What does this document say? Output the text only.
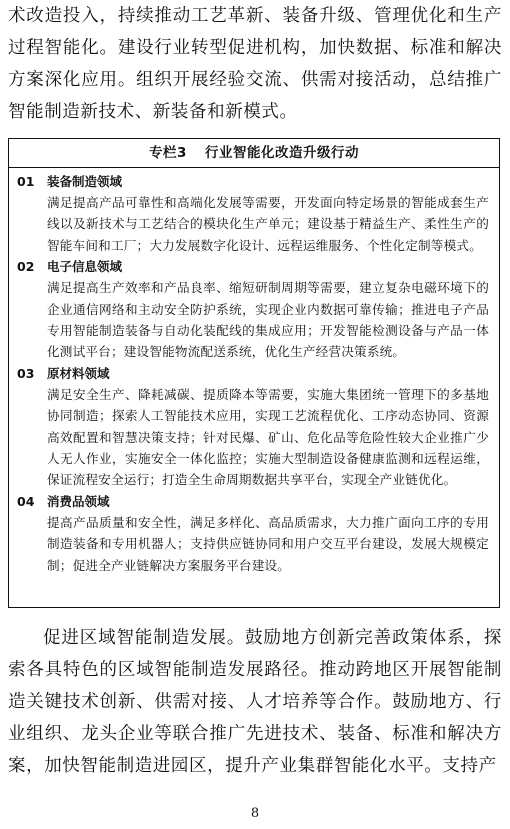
术改造投入，持续推动工艺革新、装备升级、管理优化和生产过程智能化。建设行业转型促进机构，加快数据、标准和解决方案深化应用。组织开展经验交流、供需对接活动，总结推广智能制造新技术、新装备和新模式。

专栏3 行业智能化改造升级行动
01 装备制造领域

满足提高产品可靠性和高端化发展等需要，开发面向特定场景的智能成套生产线以及新技术与工艺结合的模块化生产单元；建设基于精益生产、柔性生产的智能车间和工厂；大力发展数字化设计、远程运维服务、个性化定制等模式。

02 电子信息领域

满足提高生产效率和产品良率、缩短研制周期等需要，建立复杂电磁环境下的企业通信网络和主动安全防护系统，实现企业内数据可靠传输；推进电子产品专用智能制造装备与自动化装配线的集成应用；开发智能检测设备与产品一体化测试平台；建设智能物流配送系统，优化生产经营决策系统。

03 原材料领域

满足安全生产、降耗减碳、提质降本等需要，实施大集团统一管理下的多基地协同制造；探索人工智能技术应用，实现工艺流程优化、工序动态协同、资源高效配置和智慧决策支持；针对民爆、矿山、危化品等危险性较大企业推广少人无人作业，实施安全一体化监控；实施大型制造设备健康监测和远程运维，保证流程安全运行；打造全生命周期数据共享平台，实现全产业链优化。

04 消费品领域

提高产品质量和安全性，满足多样化、高品质需求，大力推广面向工序的专用制造装备和专用机器人；支持供应链协同和用户交互平台建设，发展大规模定制；促进全产业链解决方案服务平台建设。

促进区域智能制造发展。鼓励地方创新完善政策体系，探索各具特色的区域智能制造发展路径。推动跨地区开展智能制造关键技术创新、供需对接、人才培养等合作。鼓励地方、行业组织、龙头企业等联合推广先进技术、装备、标准和解决方案，加快智能制造进园区，提升产业集群智能化水平。支持产

8
